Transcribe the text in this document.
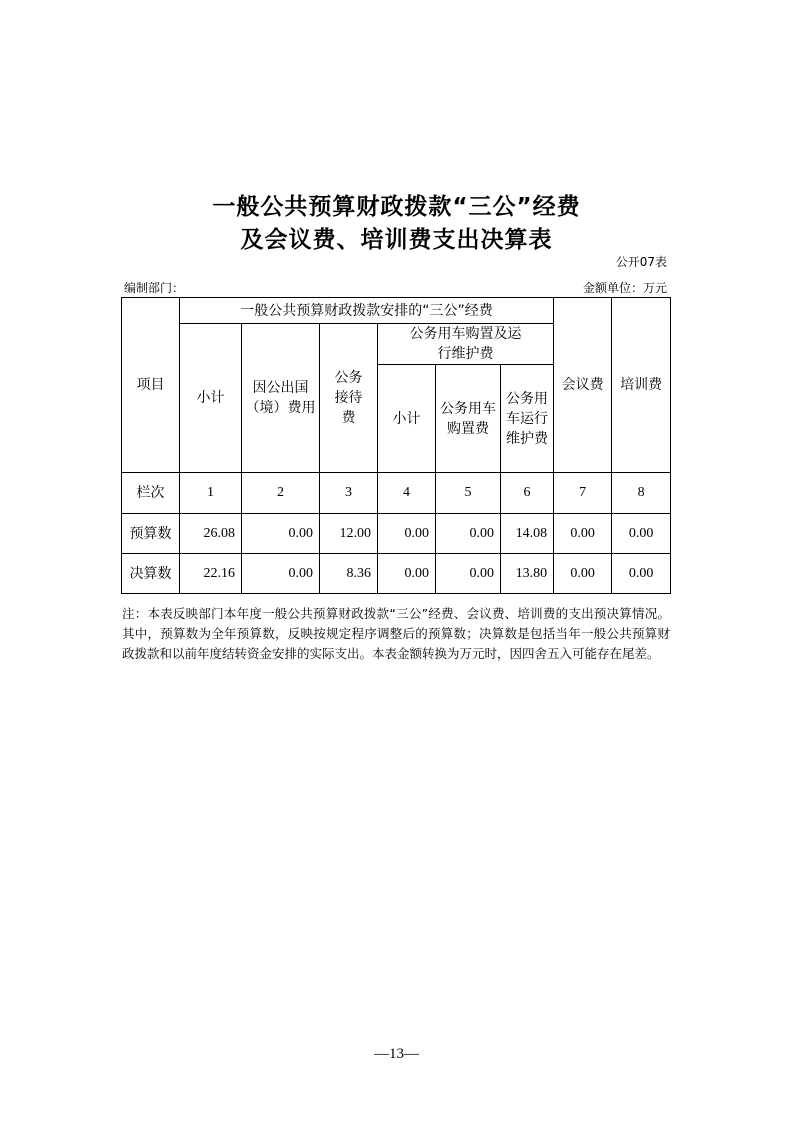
一般公共预算财政拨款“三公”经费
及会议费、培训费支出决算表
公开07表
编制部门：	金额单位：万元
项目	一般公共预算财政拨款安排的“三公”经费						会议费	培训费
	小计	因公出国（境）费用	公务接待费	公务用车购置及运行维护费				
				小计	公务用车购置费	公务用车运行维护费		
栏次	1	2	3	4	5	6	7	8
预算数	26.08	0.00	12.00	0.00	0.00	14.08	0.00	0.00
决算数	22.16	0.00	8.36	0.00	0.00	13.80	0.00	0.00
注：本表反映部门本年度一般公共预算财政拨款“三公”经费、会议费、培训费的支出预决算情况。其中，预算数为全年预算数，反映按规定程序调整后的预算数；决算数是包括当年一般公共预算财政拨款和以前年度结转资金安排的实际支出。本表金额转换为万元时，因四舍五入可能存在尾差。
—13—
